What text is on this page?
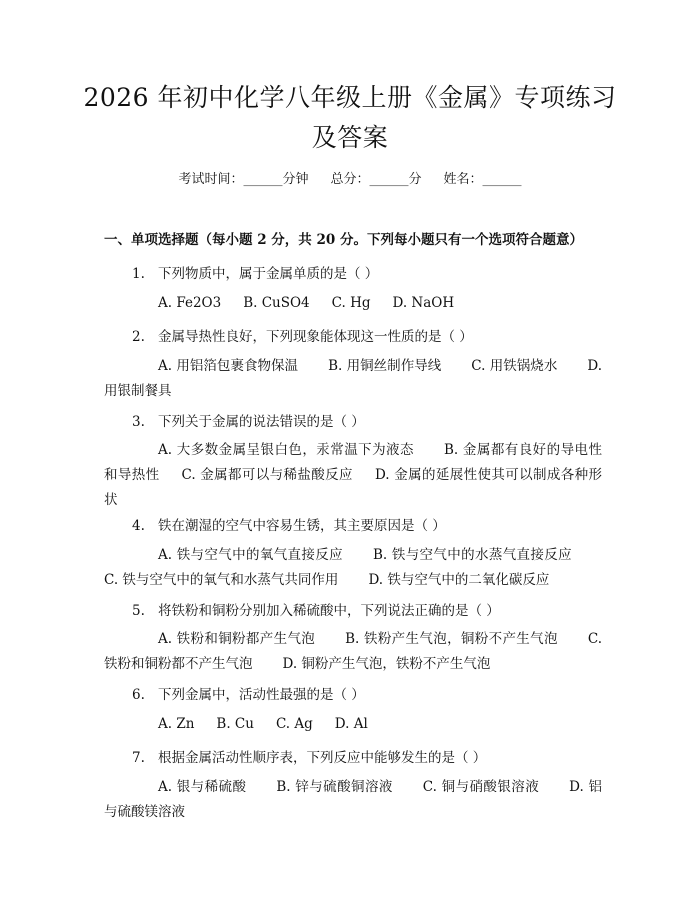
2026 年初中化学八年级上册《金属》专项练习及答案
考试时间：______分钟 总分：______分 姓名：______
一、单项选择题（每小题 2 分，共 20 分。下列每小题只有一个选项符合题意）
1. 下列物质中，属于金属单质的是（ ）
A. Fe2O3 B. CuSO4 C. Hg D. NaOH
2. 金属导热性良好，下列现象能体现这一性质的是（ ）
A. 用铝箔包裹食物保温 B. 用铜丝制作导线 C. 用铁锅烧水 D. 用银制餐具
3. 下列关于金属的说法错误的是（ ）
A. 大多数金属呈银白色，汞常温下为液态 B. 金属都有良好的导电性和导热性 C. 金属都可以与稀盐酸反应 D. 金属的延展性使其可以制成各种形状
4. 铁在潮湿的空气中容易生锈，其主要原因是（ ）
A. 铁与空气中的氧气直接反应 B. 铁与空气中的水蒸气直接反应C. 铁与空气中的氧气和水蒸气共同作用 D. 铁与空气中的二氧化碳反应
5. 将铁粉和铜粉分别加入稀硫酸中，下列说法正确的是（ ）
A. 铁粉和铜粉都产生气泡 B. 铁粉产生气泡，铜粉不产生气泡 C. 铁粉和铜粉都不产生气泡 D. 铜粉产生气泡，铁粉不产生气泡
6. 下列金属中，活动性最强的是（ ）
A. Zn B. Cu C. Ag D. Al
7. 根据金属活动性顺序表，下列反应中能够发生的是（ ）
A. 银与稀硫酸 B. 锌与硫酸铜溶液 C. 铜与硝酸银溶液 D. 铝与硫酸镁溶液
